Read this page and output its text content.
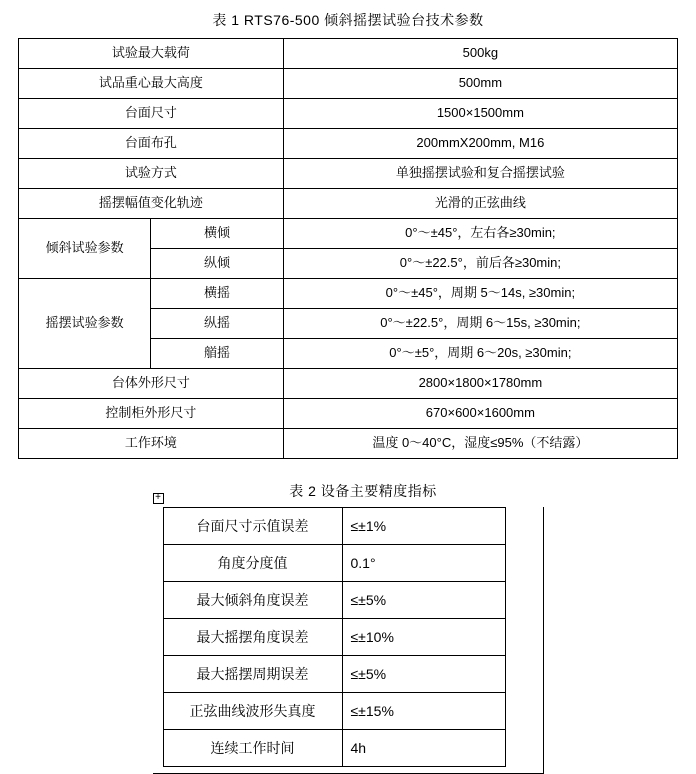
表 1 RTS76-500 倾斜摇摆试验台技术参数
试验最大载荷		500kg
试品重心最大高度		500mm
台面尺寸		1500×1500mm
台面布孔		200mmX200mm, M16
试验方式		单独摇摆试验和复合摇摆试验
摇摆幅值变化轨迹		光滑的正弦曲线
倾斜试验参数	横倾	0°～±45°，左右各≥30min;
	纵倾	0°～±22.5°，前后各≥30min;
摇摆试验参数	横摇	0°～±45°，周期 5～14s, ≥30min;
	纵摇	0°～±22.5°，周期 6～15s, ≥30min;
	艏摇	0°～±5°，周期 6～20s, ≥30min;
台体外形尺寸		2800×1800×1780mm
控制柜外形尺寸		670×600×1600mm
工作环境		温度 0～40°C，湿度≤95%（不结露）
表 2 设备主要精度指标
+
台面尺寸示值误差	≤±1%
角度分度值	0.1°
最大倾斜角度误差	≤±5%
最大摇摆角度误差	≤±10%
最大摇摆周期误差	≤±5%
正弦曲线波形失真度	≤±15%
连续工作时间	4h
